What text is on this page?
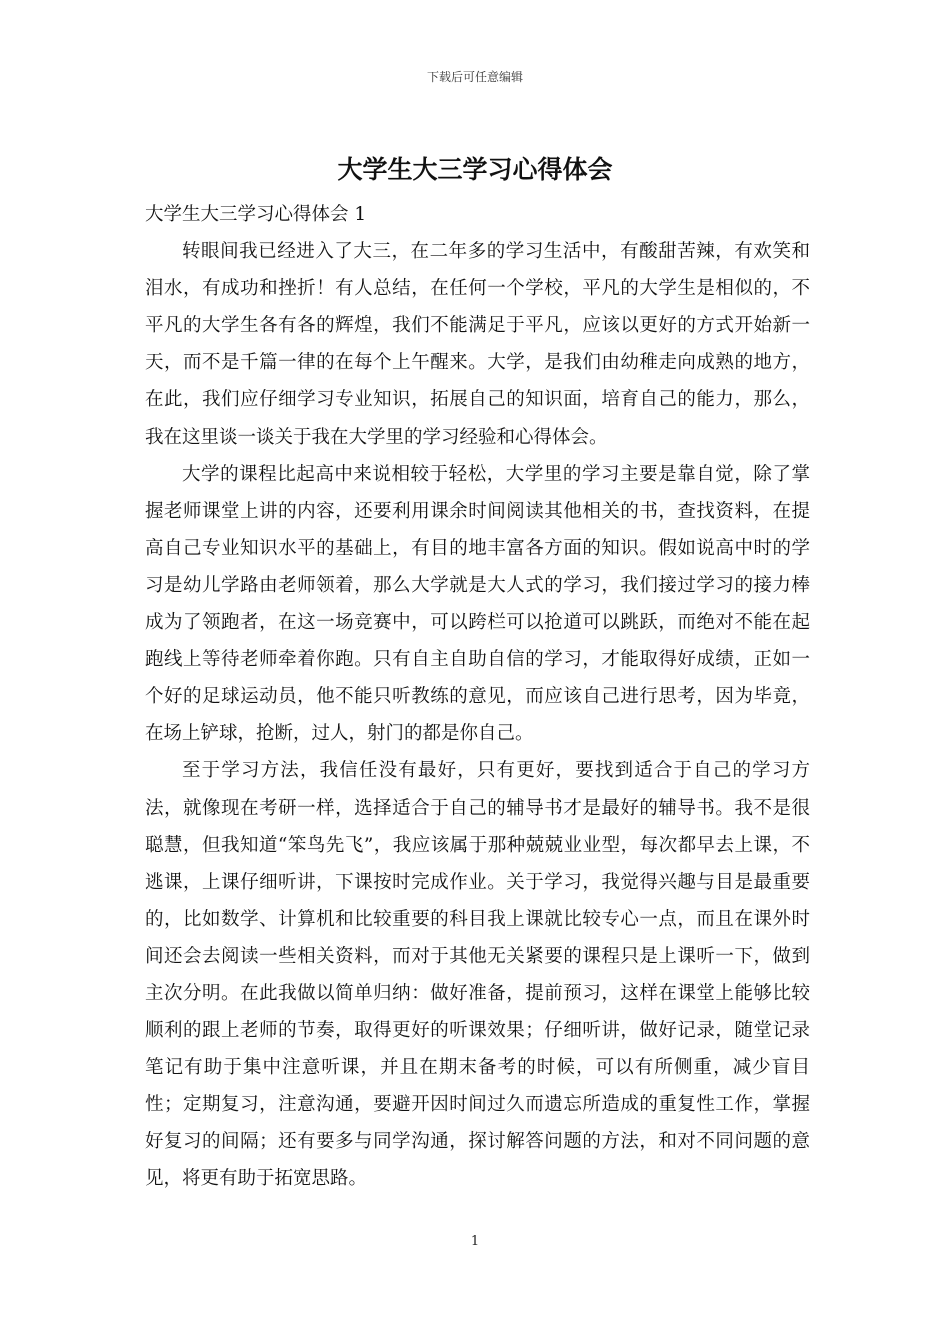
下载后可任意编辑
大学生大三学习心得体会

大学生大三学习心得体会 1

转眼间我已经进入了大三，在二年多的学习生活中，有酸甜苦辣，有欢笑和泪水，有成功和挫折！有人总结，在任何一个学校，平凡的大学生是相似的，不平凡的大学生各有各的辉煌，我们不能满足于平凡，应该以更好的方式开始新一天，而不是千篇一律的在每个上午醒来。大学，是我们由幼稚走向成熟的地方，在此，我们应仔细学习专业知识，拓展自己的知识面，培育自己的能力，那么，我在这里谈一谈关于我在大学里的学习经验和心得体会。

大学的课程比起高中来说相较于轻松，大学里的学习主要是靠自觉，除了掌握老师课堂上讲的内容，还要利用课余时间阅读其他相关的书，查找资料，在提高自己专业知识水平的基础上，有目的地丰富各方面的知识。假如说高中时的学习是幼儿学路由老师领着，那么大学就是大人式的学习，我们接过学习的接力棒成为了领跑者，在这一场竞赛中，可以跨栏可以抢道可以跳跃，而绝对不能在起跑线上等待老师牵着你跑。只有自主自助自信的学习，才能取得好成绩，正如一个好的足球运动员，他不能只听教练的意见，而应该自己进行思考，因为毕竟，在场上铲球，抢断，过人，射门的都是你自己。

至于学习方法，我信任没有最好，只有更好，要找到适合于自己的学习方法，就像现在考研一样，选择适合于自己的辅导书才是最好的辅导书。我不是很聪慧，但我知道“笨鸟先飞”，我应该属于那种兢兢业业型，每次都早去上课，不逃课，上课仔细听讲，下课按时完成作业。关于学习，我觉得兴趣与目是最重要的，比如数学、计算机和比较重要的科目我上课就比较专心一点，而且在课外时间还会去阅读一些相关资料，而对于其他无关紧要的课程只是上课听一下，做到主次分明。在此我做以简单归纳：做好准备，提前预习，这样在课堂上能够比较顺利的跟上老师的节奏，取得更好的听课效果；仔细听讲，做好记录，随堂记录笔记有助于集中注意听课，并且在期末备考的时候，可以有所侧重，减少盲目性；定期复习，注意沟通，要避开因时间过久而遗忘所造成的重复性工作，掌握好复习的间隔；还有要多与同学沟通，探讨解答问题的方法，和对不同问题的意见，将更有助于拓宽思路。

1
